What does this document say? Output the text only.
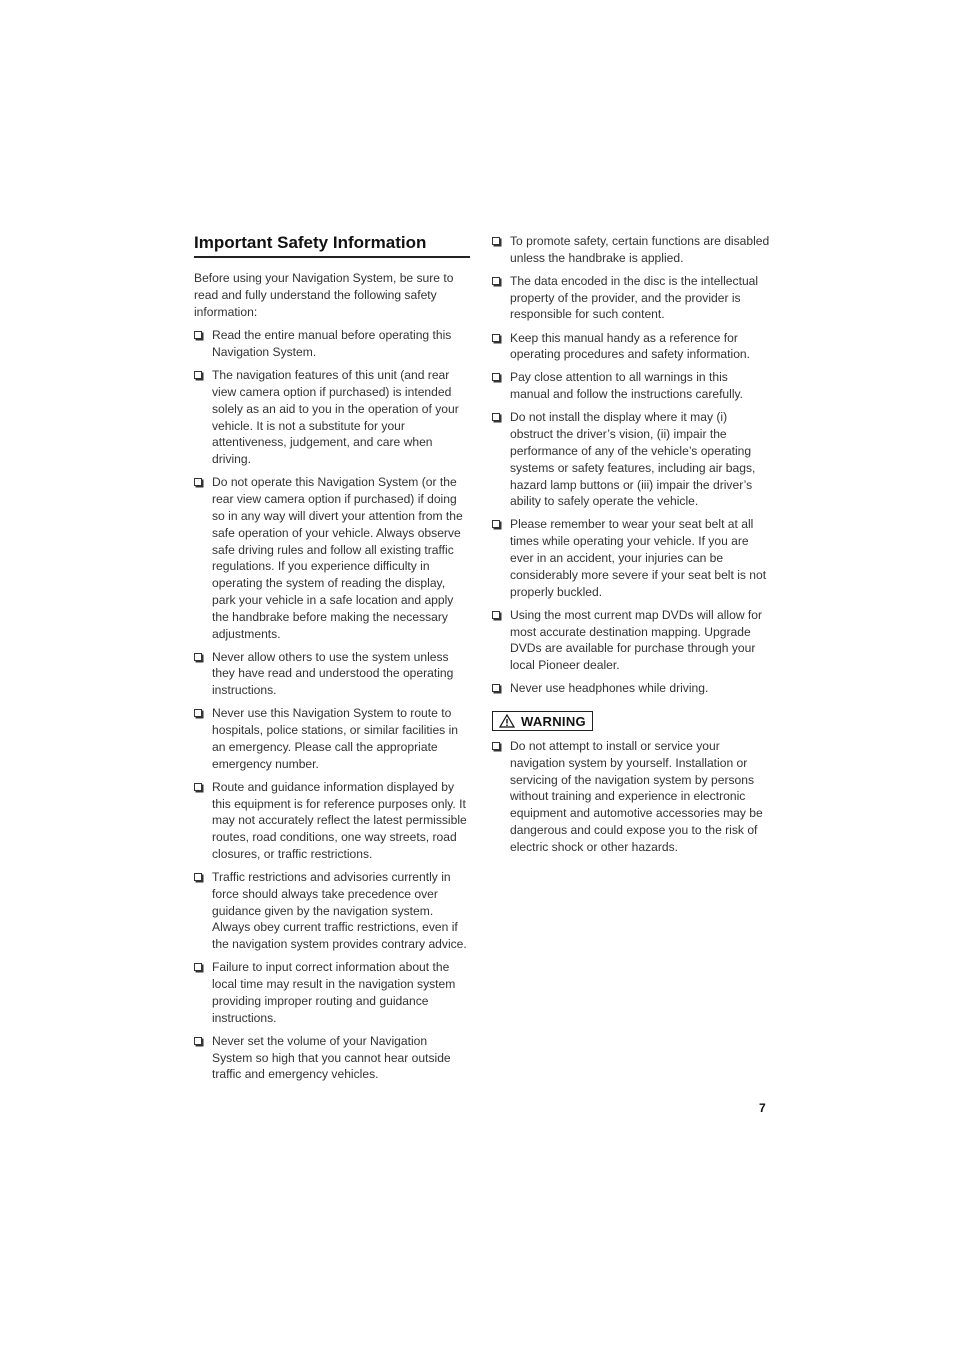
Important Safety Information

Before using your Navigation System, be sure to read and fully understand the following safety information:

Read the entire manual before operating this Navigation System.
The navigation features of this unit (and rear view camera option if purchased) is intended solely as an aid to you in the operation of your vehicle. It is not a substitute for your attentiveness, judgement, and care when driving.
Do not operate this Navigation System (or the rear view camera option if purchased) if doing so in any way will divert your attention from the safe operation of your vehicle. Always observe safe driving rules and follow all existing traffic regulations. If you experience difficulty in operating the system of reading the display, park your vehicle in a safe location and apply the handbrake before making the necessary adjustments.
Never allow others to use the system unless they have read and understood the operating instructions.
Never use this Navigation System to route to hospitals, police stations, or similar facilities in an emergency. Please call the appropriate emergency number.
Route and guidance information displayed by this equipment is for reference purposes only. It may not accurately reflect the latest permissible routes, road conditions, one way streets, road closures, or traffic restrictions.
Traffic restrictions and advisories currently in force should always take precedence over guidance given by the navigation system. Always obey current traffic restrictions, even if the navigation system provides contrary advice.
Failure to input correct information about the local time may result in the navigation system providing improper routing and guidance instructions.
Never set the volume of your Navigation System so high that you cannot hear outside traffic and emergency vehicles.
To promote safety, certain functions are disabled unless the handbrake is applied.
The data encoded in the disc is the intellectual property of the provider, and the provider is responsible for such content.
Keep this manual handy as a reference for operating procedures and safety information.
Pay close attention to all warnings in this manual and follow the instructions carefully.
Do not install the display where it may (i) obstruct the driver’s vision, (ii) impair the performance of any of the vehicle’s operating systems or safety features, including air bags, hazard lamp buttons or (iii) impair the driver’s ability to safely operate the vehicle.
Please remember to wear your seat belt at all times while operating your vehicle. If you are ever in an accident, your injuries can be considerably more severe if your seat belt is not properly buckled.
Using the most current map DVDs will allow for most accurate destination mapping. Upgrade DVDs are available for purchase through your local Pioneer dealer.
Never use headphones while driving.
WARNING
Do not attempt to install or service your navigation system by yourself. Installation or servicing of the navigation system by persons without training and experience in electronic equipment and automotive accessories may be dangerous and could expose you to the risk of electric shock or other hazards.
7
